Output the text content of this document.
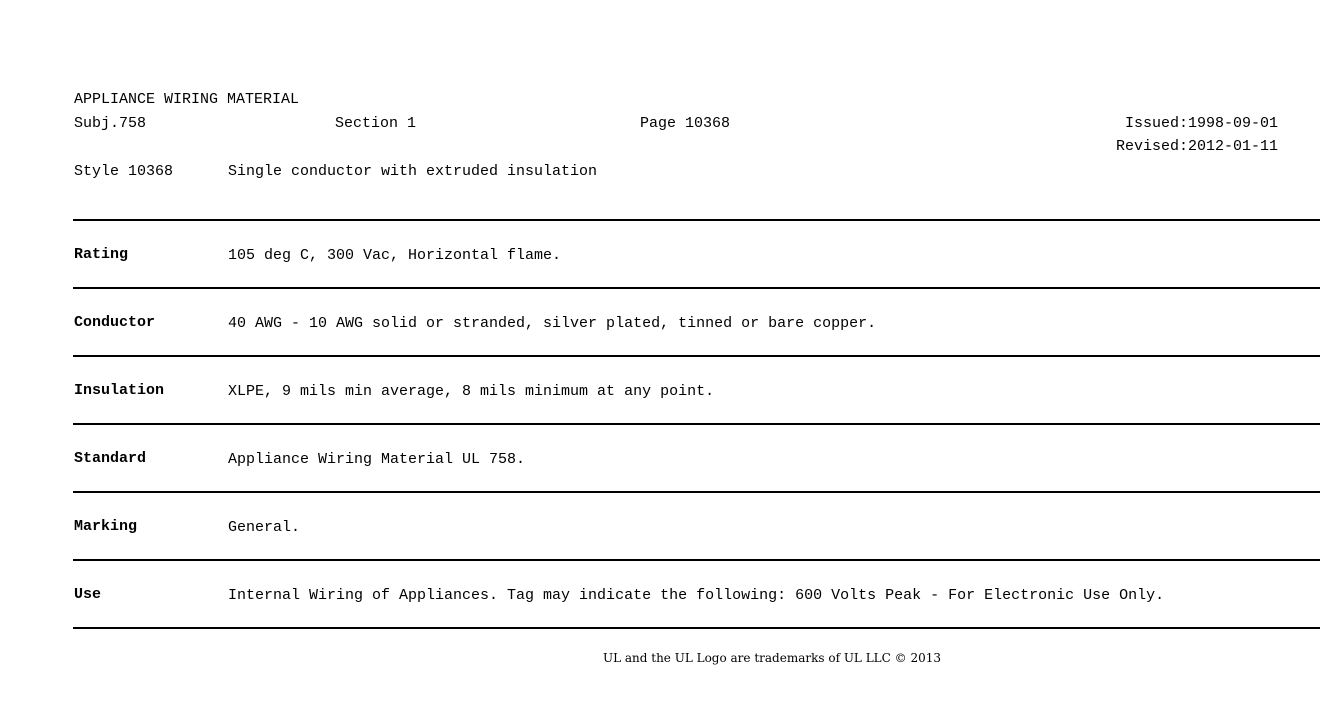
APPLIANCE WIRING MATERIAL
Subj.758	Section 1	Page 10368	Issued:1998-09-01
Revised:2012-01-11
Style 10368	Single conductor with extruded insulation
Rating	105 deg C, 300 Vac, Horizontal flame.
Conductor	40 AWG - 10 AWG solid or stranded, silver plated, tinned or bare copper.
Insulation	XLPE, 9 mils min average, 8 mils minimum at any point.
Standard	Appliance Wiring Material UL 758.
Marking	General.
Use	Internal Wiring of Appliances. Tag may indicate the following: 600 Volts Peak - For Electronic Use Only.
UL and the UL Logo are trademarks of UL LLC © 2013
